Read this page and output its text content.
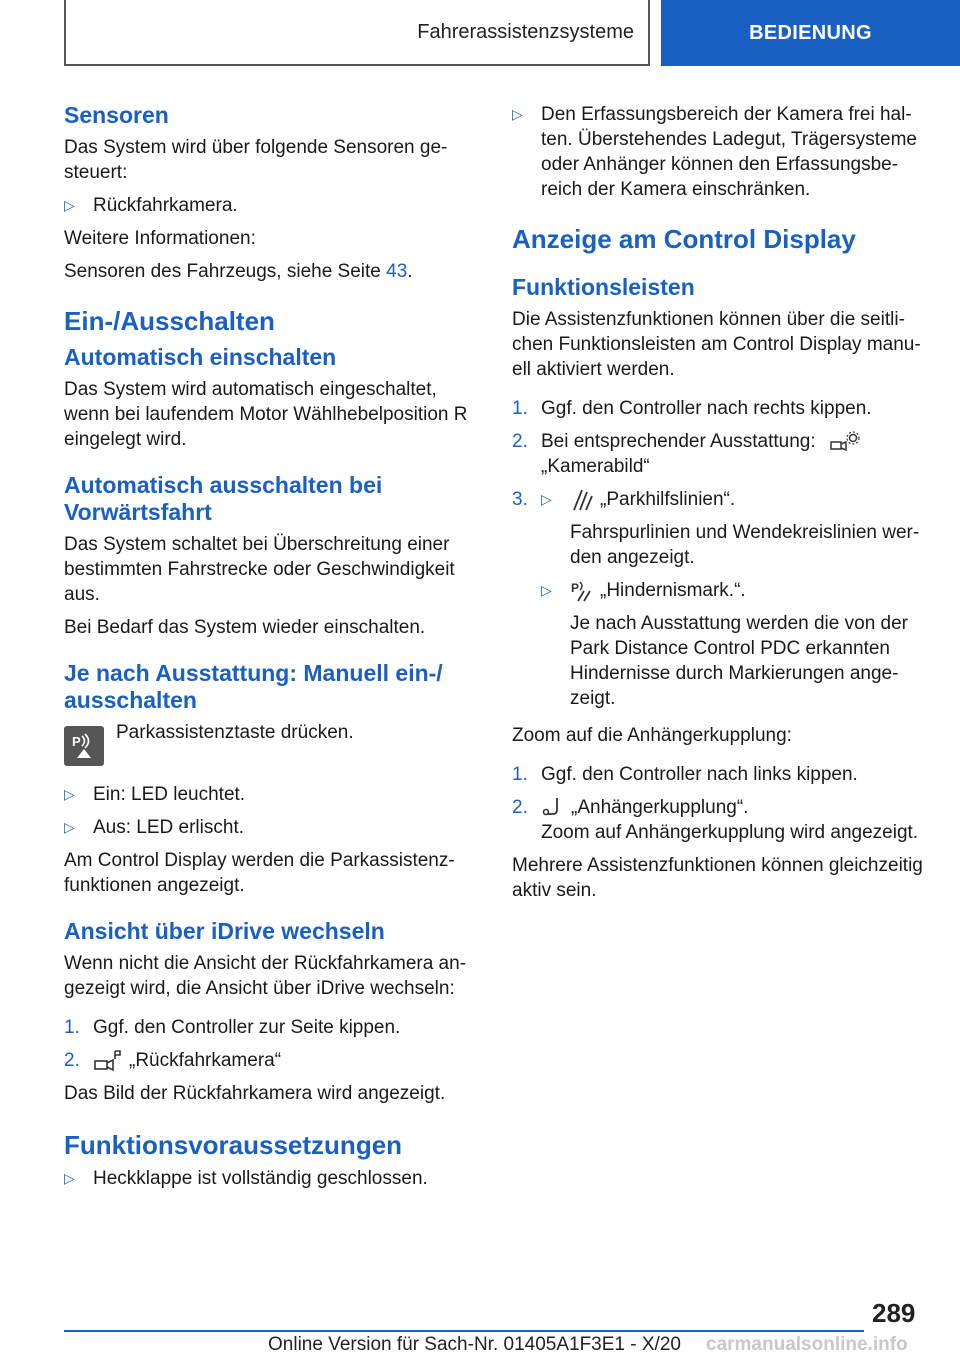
Fahrerassistenzsysteme	BEDIENUNG
Sensoren

Das System wird über folgende Sensoren gesteuert:

▷ Rückfahrkamera.

Weitere Informationen:

Sensoren des Fahrzeugs, siehe Seite 43.

Ein-/Ausschalten
Automatisch einschalten

Das System wird automatisch eingeschaltet, wenn bei laufendem Motor Wählhebelposition R eingelegt wird.

Automatisch ausschalten bei Vorwärtsfahrt

Das System schaltet bei Überschreitung einer bestimmten Fahrstrecke oder Geschwindigkeit aus.

Bei Bedarf das System wieder einschalten.

Je nach Ausstattung: Manuell ein-/ ausschalten
P Parkassistenztaste drücken.
▷ Ein: LED leuchtet.
▷ Aus: LED erlischt.

Am Control Display werden die Parkassistenzfunktionen angezeigt.

Ansicht über iDrive wechseln

Wenn nicht die Ansicht der Rückfahrkamera angezeigt wird, die Ansicht über iDrive wechseln:

1. Ggf. den Controller zur Seite kippen.
2.	„Rückfahrkamera“

Das Bild der Rückfahrkamera wird angezeigt.

Funktionsvoraussetzungen
▷ Heckklappe ist vollständig geschlossen.
▷ Den Erfassungsbereich der Kamera frei halten. Überstehendes Ladegut, Trägersysteme oder Anhänger können den Erfassungsbereich der Kamera einschränken.
Anzeige am Control Display
Funktionsleisten

Die Assistenzfunktionen können über die seitlichen Funktionsleisten am Control Display manuell aktiviert werden.

1. Ggf. den Controller nach rechts kippen.
2. Bei entsprechender Ausstattung:
„Kamerabild“
3. ▷	„Parkhilfslinien“.

Fahrspurlinien und Wendekreislinien werden angezeigt.

▷	P „Hindernismark.“.

Je nach Ausstattung werden die von der Park Distance Control PDC erkannten Hindernisse durch Markierungen angezeigt.

Zoom auf die Anhängerkupplung:

1. Ggf. den Controller nach links kippen.
2.	„Anhängerkupplung“.
Zoom auf Anhängerkupplung wird angezeigt.

Mehrere Assistenzfunktionen können gleichzeitig aktiv sein.

289
Online Version für Sach-Nr. 01405A1F3E1 - X/20 carmanualsonline.info
